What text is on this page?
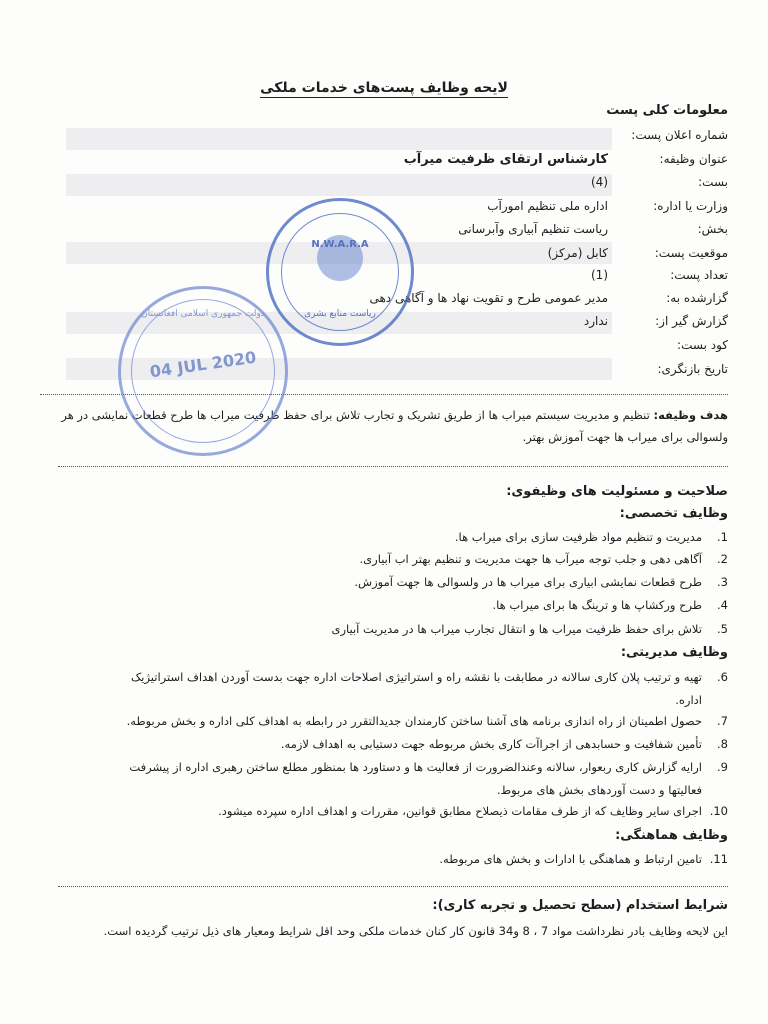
لایحه وظایف پست‌های خدمات ملکی
معلومات کلی پست
شماره اعلان پست:
عنوان وظیفه:
کارشناس ارتقای ظرفیت میرآب
بست:
(4)
وزارت یا اداره:
اداره ملی تنظیم امورآب
بخش:
ریاست تنظیم آبیاری وآبرسانی
موقعیت پست:
کابل (مرکز)
تعداد پست:
(1)
گزارشده به:
مدیر عمومی طرح و تقویت نهاد ها و آگاهی دهی
گزارش گیر از:
ندارد
کود بست:
تاریخ بازنگری:
هدف وظیفه: تنظیم و مدیریت سیستم میراب ها از طریق تشریک و تجارب تلاش برای حفظ ظرفیت میراب ها طرح قطعات نمایشی در هر
ولسوالی برای میراب ها جهت آموزش بهتر.
صلاحیت و مسئولیت های وظیفوی:
وظایف تخصصی:
1.مدیریت و تنظیم مواد ظرفیت سازی برای میراب ها.
2.آگاهی دهی و جلب توجه میرآب ها جهت مدیریت و تنظیم بهتر اب آبیاری.
3.طرح قطعات نمایشی ابیاری برای میراب ها در ولسوالی ها جهت آموزش.
4.طرح ورکشاپ ها و ترینگ ها برای میراب ها.
5.تلاش برای حفظ ظرفیت میراب ها و انتقال تجارب میراب ها در مدیریت آبیاری
وظایف مدیریتی:
6.تهیه و ترتیب پلان کاری سالانه در مطابقت با نقشه راه و استراتیژی اصلاحات اداره جهت بدست آوردن اهداف استراتیژیک
اداره.
7.حصول اطمینان از راه اندازی برنامه های آشنا ساختن کارمندان جدیدالتقرر در رابطه به اهداف کلی اداره و بخش مربوطه.
8.تأمین شفافیت و حسابدهی از اجراآت کاری بخش مربوطه جهت دستیابی به اهداف لازمه.
9.ارایه گزارش کاری ربعوار، سالانه وعندالضرورت از فعالیت ها و دستاورد ها بمنظور مطلع ساختن رهبری اداره از پیشرفت
فعالیتها و دست آوردهای بخش های مربوط.
10.اجرای سایر وظایف که از طرف مقامات ذیصلاح مطابق قوانین، مقررات و اهداف اداره سپرده میشود.
وظایف هماهنگی:
11.تامین ارتباط و هماهنگی با ادارات و بخش های مربوطه.
شرایط استخدام (سطح تحصیل و تجربه کاری):
این لایحه وظایف بادر نظرداشت مواد 7 ، 8 و34 قانون کار کنان خدمات ملکی وحد اقل شرایط ومعیار های ذیل ترتیب گردیده است.
N.W.A.R.A
ریاست منابع بشری
04 JUL 2020
دولت جمهوری اسلامی افغانستان
